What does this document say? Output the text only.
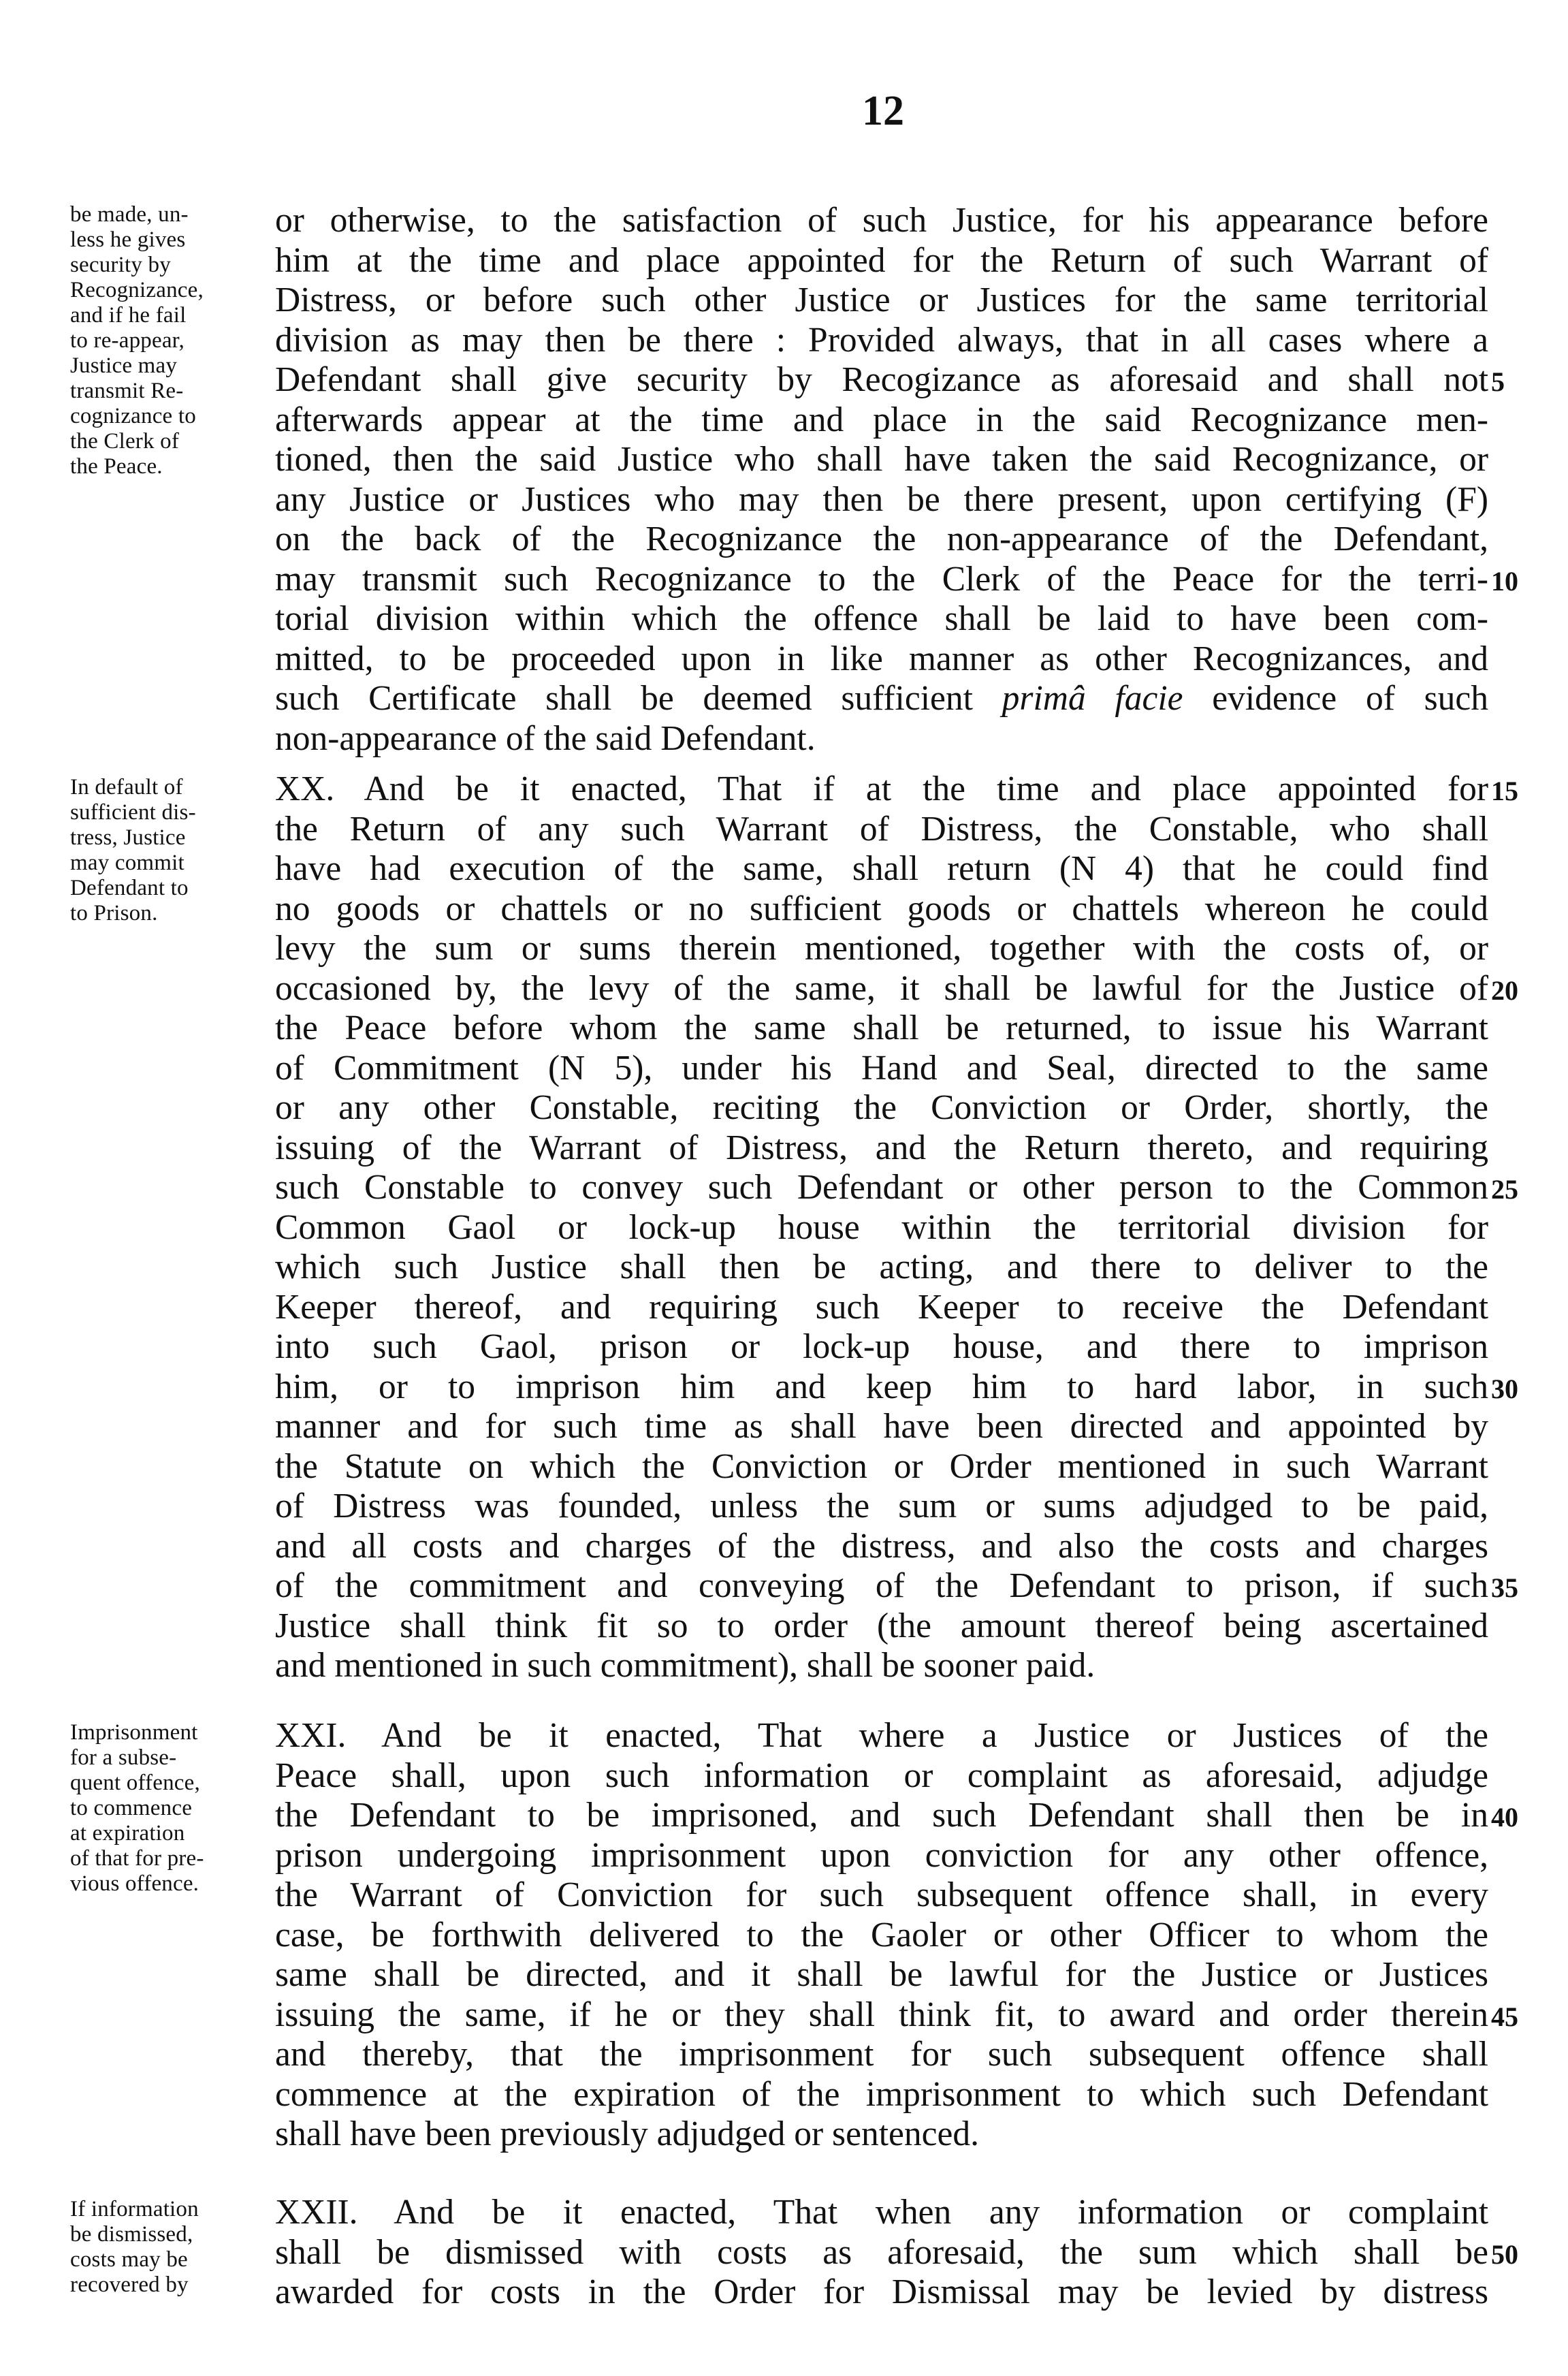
12
be made, un-
less he gives
security by
Recognizance,
and if he fail
to re-appear,
Justice may
transmit Re-
cognizance to
the Clerk of
the Peace.
or otherwise, to the satisfaction of such Justice, for his appearance before
him at the time and place appointed for the Return of such Warrant of
Distress, or before such other Justice or Justices for the same territorial
division as may then be there : Provided always, that in all cases where a
Defendant shall give security by Recogizance as aforesaid and shall not
afterwards appear at the time and place in the said Recognizance men-
tioned, then the said Justice who shall have taken the said Recognizance, or
any Justice or Justices who may then be there present, upon certifying (F)
on the back of the Recognizance the non-appearance of the Defendant,
may transmit such Recognizance to the Clerk of the Peace for the terri-
torial division within which the offence shall be laid to have been com-
mitted, to be proceeded upon in like manner as other Recognizances, and
such Certificate shall be deemed sufficient primâ facie evidence of such
non-appearance of the said Defendant.
5
10
In default of
sufficient dis-
tress, Justice
may commit
Defendant to
to Prison.
XX. And be it enacted, That if at the time and place appointed for
the Return of any such Warrant of Distress, the Constable, who shall
have had execution of the same, shall return (N 4) that he could find
no goods or chattels or no sufficient goods or chattels whereon he could
levy the sum or sums therein mentioned, together with the costs of, or
occasioned by, the levy of the same, it shall be lawful for the Justice of
the Peace before whom the same shall be returned, to issue his Warrant
of Commitment (N 5), under his Hand and Seal, directed to the same
or any other Constable, reciting the Conviction or Order, shortly, the
issuing of the Warrant of Distress, and the Return thereto, and requiring
such Constable to convey such Defendant or other person to the Common
Common Gaol or lock-up house within the territorial division for
which such Justice shall then be acting, and there to deliver to the
Keeper thereof, and requiring such Keeper to receive the Defendant
into such Gaol, prison or lock-up house, and there to imprison
him, or to imprison him and keep him to hard labor, in such
manner and for such time as shall have been directed and appointed by
the Statute on which the Conviction or Order mentioned in such Warrant
of Distress was founded, unless the sum or sums adjudged to be paid,
and all costs and charges of the distress, and also the costs and charges
of the commitment and conveying of the Defendant to prison, if such
Justice shall think fit so to order (the amount thereof being ascertained
and mentioned in such commitment), shall be sooner paid.
15
20
25
30
35
Imprisonment
for a subse-
quent offence,
to commence
at expiration
of that for pre-
vious offence.
XXI. And be it enacted, That where a Justice or Justices of the
Peace shall, upon such information or complaint as aforesaid, adjudge
the Defendant to be imprisoned, and such Defendant shall then be in
prison undergoing imprisonment upon conviction for any other offence,
the Warrant of Conviction for such subsequent offence shall, in every
case, be forthwith delivered to the Gaoler or other Officer to whom the
same shall be directed, and it shall be lawful for the Justice or Justices
issuing the same, if he or they shall think fit, to award and order therein
and thereby, that the imprisonment for such subsequent offence shall
commence at the expiration of the imprisonment to which such Defendant
shall have been previously adjudged or sentenced.
40
45
If information
be dismissed,
costs may be
recovered by
XXII. And be it enacted, That when any information or complaint
shall be dismissed with costs as aforesaid, the sum which shall be
awarded for costs in the Order for Dismissal may be levied by distress
50
